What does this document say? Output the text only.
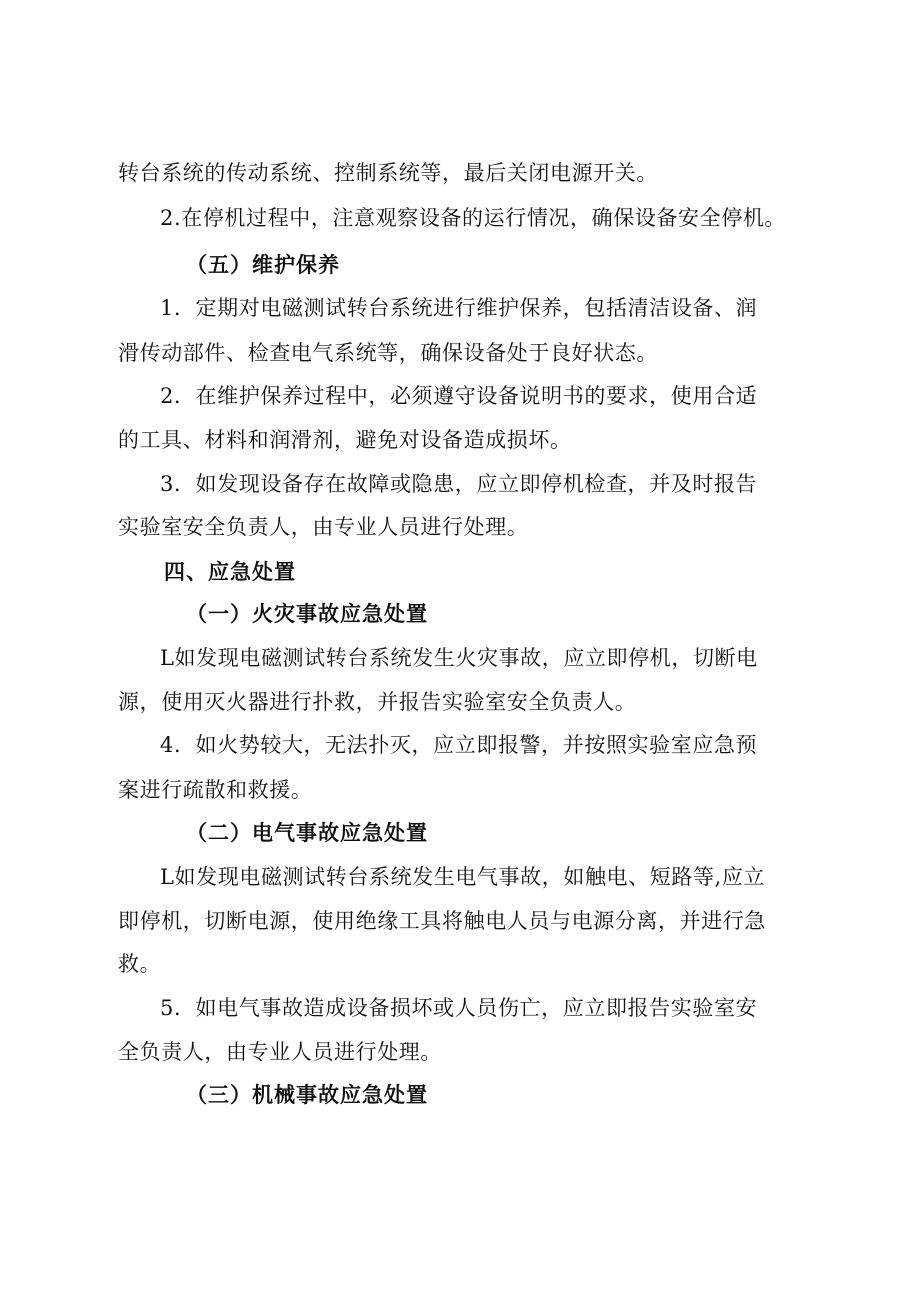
转台系统的传动系统、控制系统等，最后关闭电源开关。
2.在停机过程中，注意观察设备的运行情况，确保设备安全停机。
（五）维护保养
1．定期对电磁测试转台系统进行维护保养，包括清洁设备、润
滑传动部件、检查电气系统等，确保设备处于良好状态。
2．在维护保养过程中，必须遵守设备说明书的要求，使用合适
的工具、材料和润滑剂，避免对设备造成损坏。
3．如发现设备存在故障或隐患，应立即停机检查，并及时报告
实验室安全负责人，由专业人员进行处理。
四、应急处置
（一）火灾事故应急处置
L如发现电磁测试转台系统发生火灾事故，应立即停机，切断电
源，使用灭火器进行扑救，并报告实验室安全负责人。
4．如火势较大，无法扑灭，应立即报警，并按照实验室应急预
案进行疏散和救援。
（二）电气事故应急处置
L如发现电磁测试转台系统发生电气事故，如触电、短路等,应立
即停机，切断电源，使用绝缘工具将触电人员与电源分离，并进行急
救。
5．如电气事故造成设备损坏或人员伤亡，应立即报告实验室安
全负责人，由专业人员进行处理。
（三）机械事故应急处置
